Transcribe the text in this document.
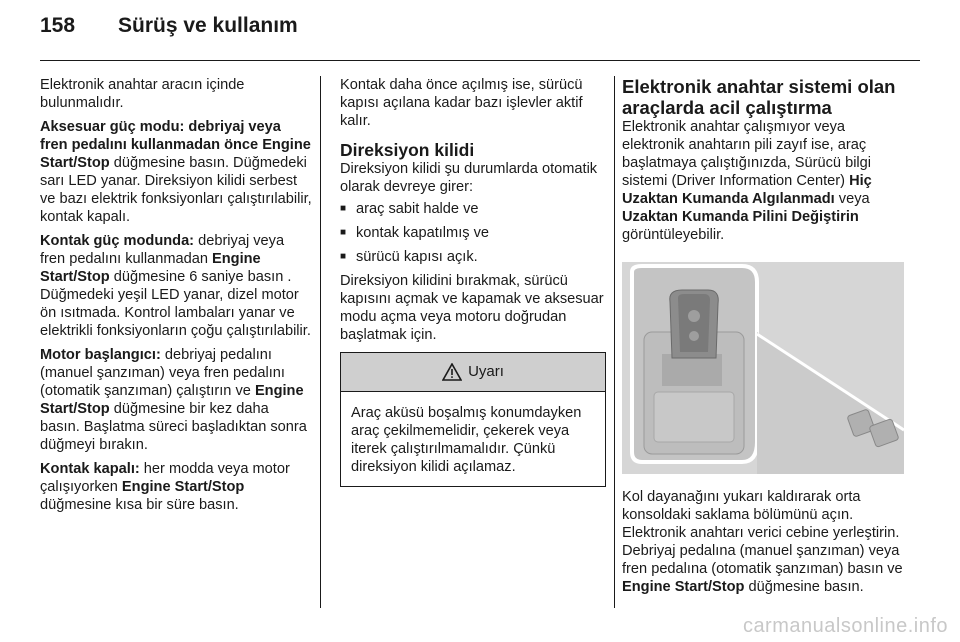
158	Sürüş ve kullanım

Elektronik anahtar aracın içinde bulunmalıdır.

Aksesuar güç modu: debriyaj veya fren pedalını kullanmadan önce Engine Start/Stop düğmesine basın. Düğmedeki sarı LED yanar. Direksiyon kilidi serbest ve bazı elektrik fonksiyonları çalıştırılabilir, kontak kapalı.

Kontak güç modunda: debriyaj veya fren pedalını kullanmadan Engine Start/Stop düğmesine 6 saniye basın . Düğmedeki yeşil LED yanar, dizel motor ön ısıtmada. Kontrol lambaları yanar ve elektrikli fonksiyonların çoğu çalıştırılabilir.

Motor başlangıcı: debriyaj pedalını (manuel şanzıman) veya fren pedalını (otomatik şanzıman) çalıştırın ve Engine Start/Stop düğmesine bir kez daha basın. Başlatma süreci başladıktan sonra düğmeyi bırakın.

Kontak kapalı: her modda veya motor çalışıyorken Engine Start/Stop düğmesine kısa bir süre basın.

Kontak daha önce açılmış ise, sürücü kapısı açılana kadar bazı işlevler aktif kalır.

Direksiyon kilidi

Direksiyon kilidi şu durumlarda otomatik olarak devreye girer:

■ araç sabit halde ve
■ kontak kapatılmış ve
■ sürücü kapısı açık.

Direksiyon kilidini bırakmak, sürücü kapısını açmak ve kapamak ve aksesuar modu açma veya motoru doğrudan başlatmak için.

Uyarı
Araç aküsü boşalmış konumdayken araç çekilmemelidir, çekerek veya iterek çalıştırılmamalıdır. Çünkü direksiyon kilidi açılamaz.
Elektronik anahtar sistemi olan araçlarda acil çalıştırma

Elektronik anahtar çalışmıyor veya elektronik anahtarın pili zayıf ise, araç başlatmaya çalıştığınızda, Sürücü bilgi sistemi (Driver Information Center) Hiç Uzaktan Kumanda Algılanmadı veya Uzaktan Kumanda Pilini Değiştirin görüntüleyebilir.

Kol dayanağını yukarı kaldırarak orta konsoldaki saklama bölümünü açın. Elektronik anahtarı verici cebine yerleştirin. Debriyaj pedalına (manuel şanzıman) veya fren pedalına (otomatik şanzıman) basın ve Engine Start/Stop düğmesine basın.

carmanualsonline.info
